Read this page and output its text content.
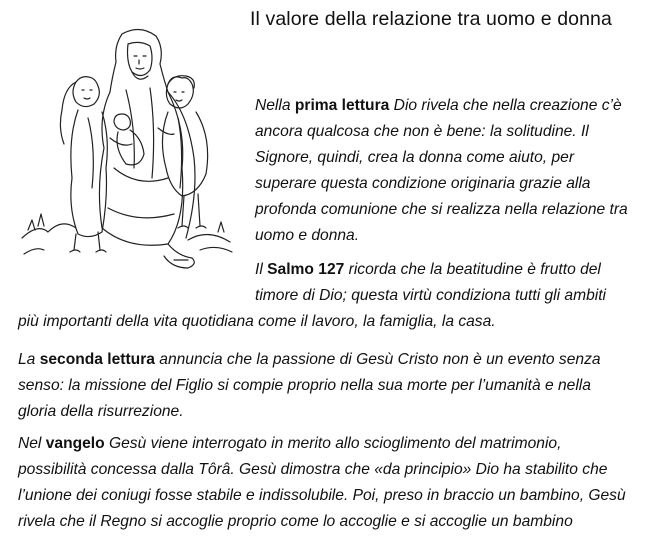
Il valore della relazione tra uomo e donna
Nella prima lettura Dio rivela che nella creazione c’è
ancora qualcosa che non è bene: la solitudine. Il
Signore, quindi, crea la donna come aiuto, per
superare questa condizione originaria grazie alla
profonda comunione che si realizza nella relazione tra
uomo e donna.
Il Salmo 127 ricorda che la beatitudine è frutto del
timore di Dio; questa virtù condiziona tutti gli ambiti
più importanti della vita quotidiana come il lavoro, la famiglia, la casa.
La seconda lettura annuncia che la passione di Gesù Cristo non è un evento senza
senso: la missione del Figlio si compie proprio nella sua morte per l’umanità e nella
gloria della risurrezione.
Nel vangelo Gesù viene interrogato in merito allo scioglimento del matrimonio,
possibilità concessa dalla Tôrâ. Gesù dimostra che «da principio» Dio ha stabilito che
l’unione dei coniugi fosse stabile e indissolubile. Poi, preso in braccio un bambino, Gesù
rivela che il Regno si accoglie proprio come lo accoglie e si accoglie un bambino
